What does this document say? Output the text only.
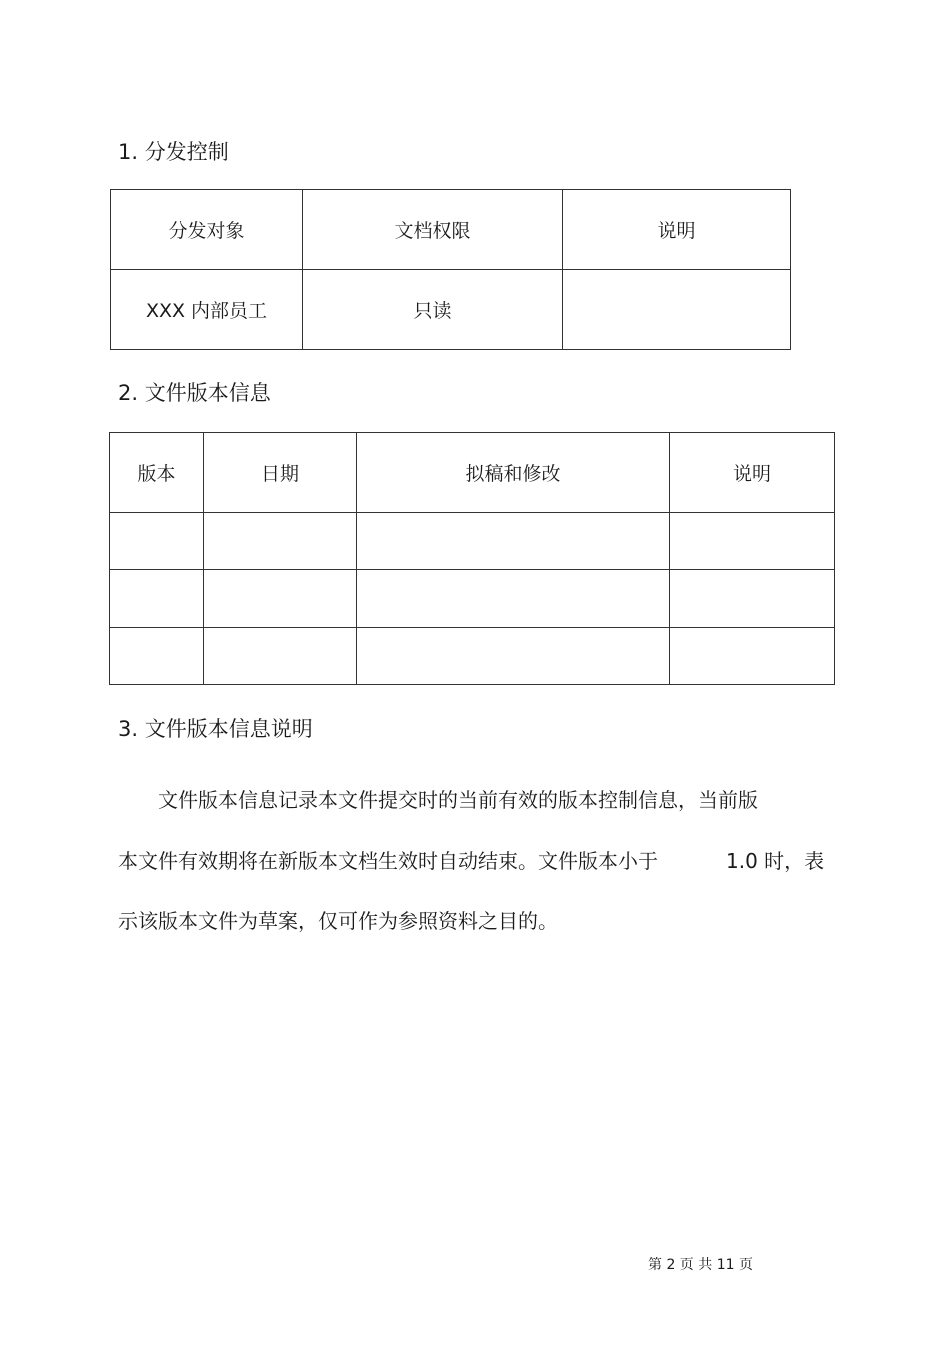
1. 分发控制
分发对象	文档权限	说明
XXX 内部员工	只读	
2. 文件版本信息
版本	日期	拟稿和修改	说明

3. 文件版本信息说明
文件版本信息记录本文件提交时的当前有效的版本控制信息，当前版
本文件有效期将在新版本文档生效时自动结束。文件版本小于	1.0 时，表
示该版本文件为草案，仅可作为参照资料之目的。
第 2 页 共 11 页
